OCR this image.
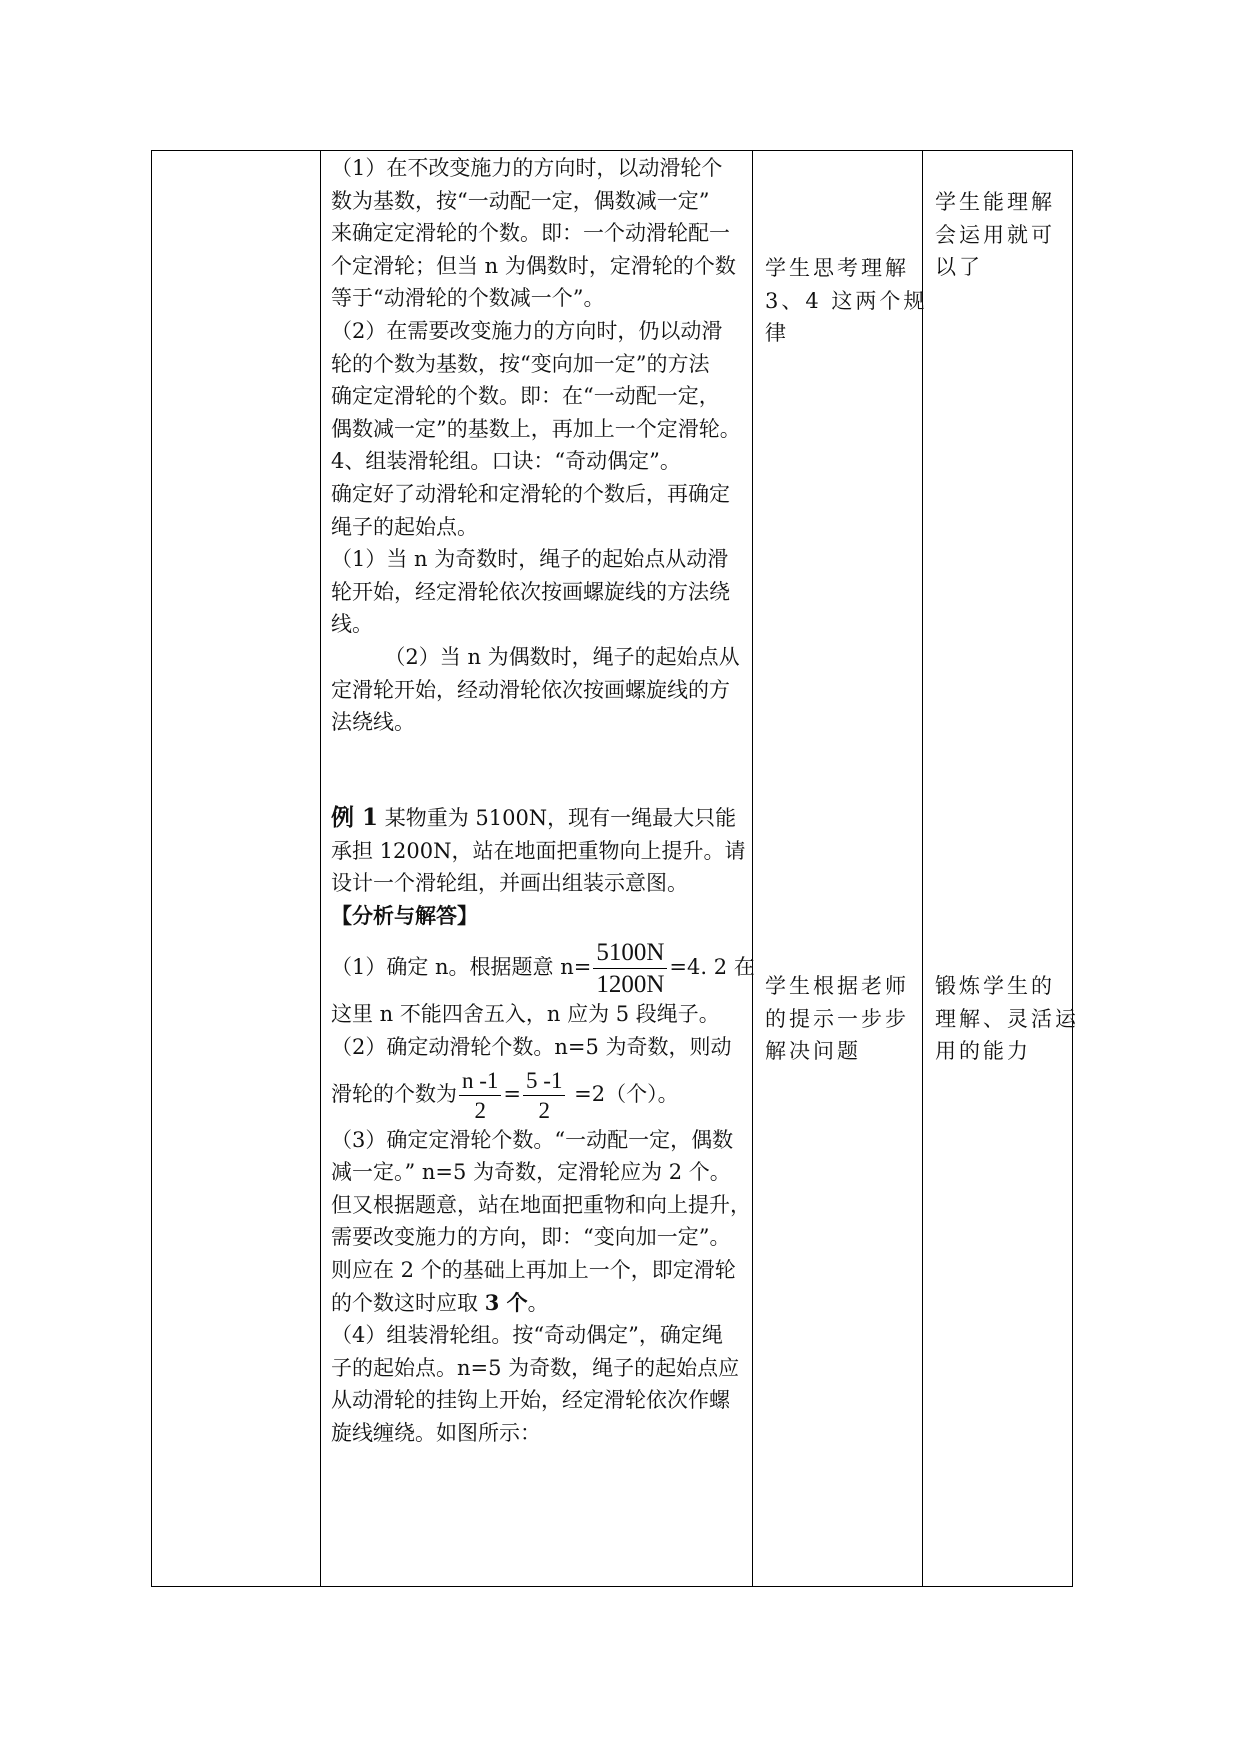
（1）在不改变施力的方向时，以动滑轮个

数为基数，按“一动配一定，偶数减一定”

来确定定滑轮的个数。即：一个动滑轮配一

个定滑轮；但当 n 为偶数时，定滑轮的个数

等于“动滑轮的个数减一个”。

（2）在需要改变施力的方向时，仍以动滑

轮的个数为基数，按“变向加一定”的方法

确定定滑轮的个数。即：在“一动配一定，

偶数减一定”的基数上，再加上一个定滑轮。

4、组装滑轮组。口诀：“奇动偶定”。

确定好了动滑轮和定滑轮的个数后，再确定

绳子的起始点。

（1）当 n 为奇数时，绳子的起始点从动滑

轮开始，经定滑轮依次按画螺旋线的方法绕

线。

（2）当 n 为偶数时，绳子的起始点从

定滑轮开始，经动滑轮依次按画螺旋线的方

法绕线。

例 1 某物重为 5100N，现有一绳最大只能

承担 1200N，站在地面把重物向上提升。请

设计一个滑轮组，并画出组装示意图。

【分析与解答】

（1）确定 n。根据题意 $n= \frac{5100N}{1200N} =4$. 2 在

这里 n 不能四舍五入，n 应为 5 段绳子。

（2）确定动滑轮个数。n=5 为奇数，则动

滑轮的个数为 $\frac{n -1}{2} = \frac{5 -1}{2} =2$（个）。

（3）确定定滑轮个数。“一动配一定，偶数

减一定。” n=5 为奇数，定滑轮应为 2 个。

但又根据题意，站在地面把重物和向上提升，

需要改变施力的方向，即：“变向加一定”。

则应在 2 个的基础上再加上一个，即定滑轮

的个数这时应取 3 个。

（4）组装滑轮组。按“奇动偶定”，确定绳

子的起始点。n=5 为奇数，绳子的起始点应

从动滑轮的挂钩上开始，经定滑轮依次作螺

旋线缠绕。如图所示：

学生思考理解

3、4 这两个规

律

学生根据老师

的提示一步步

解决问题

学生能理解

会运用就可

以了

锻炼学生的

理解、灵活运

用的能力
